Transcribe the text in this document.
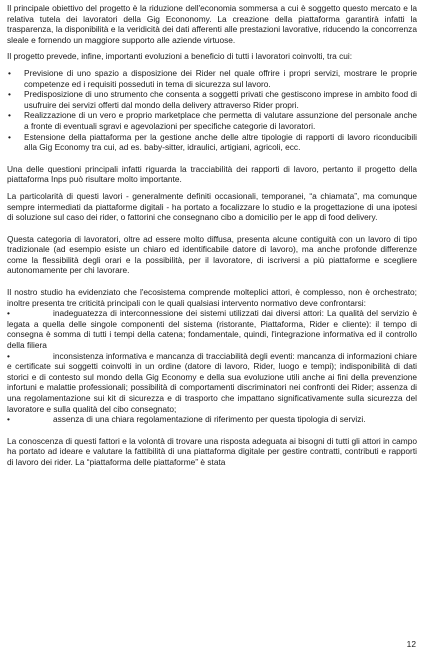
Il principale obiettivo del progetto è la riduzione dell'economia sommersa a cui è soggetto questo mercato e la relativa tutela dei lavoratori della Gig Econonomy. La creazione della piattaforma garantirà infatti la trasparenza, la disponibilità e la veridicità dei dati afferenti alle prestazioni lavorative, riducendo la concorrenza sleale e fornendo un maggiore supporto alle aziende virtuose.

Il progetto prevede, infine, importanti evoluzioni a beneficio di tutti i lavoratori coinvolti, tra cui:

• Previsione di uno spazio a disposizione dei Rider nel quale offrire i propri servizi, mostrare le proprie competenze ed i requisiti posseduti in tema di sicurezza sul lavoro.
• Predisposizione di uno strumento che consenta a soggetti privati che gestiscono imprese in ambito food di usufruire dei servizi offerti dal mondo della delivery attraverso Rider propri.
• Realizzazione di un vero e proprio marketplace che permetta di valutare assunzione del personale anche a fronte di eventuali sgravi e agevolazioni per specifiche categorie di lavoratori.
• Estensione della piattaforma per la gestione anche delle altre tipologie di rapporti di lavoro riconducibili alla Gig Economy tra cui, ad es. baby-sitter, idraulici, artigiani, agricoli, ecc.

Una delle questioni principali infatti riguarda la tracciabilità dei rapporti di lavoro, pertanto il progetto della piattaforma Inps può risultare molto importante.

La particolarità di questi lavori - generalmente definiti occasionali, temporanei, “a chiamata”, ma comunque sempre intermediati da piattaforme digitali - ha portato a focalizzare lo studio e la progettazione di una ipotesi di soluzione sul caso dei rider, o fattorini che consegnano cibo a domicilio per le app di food delivery.

Questa categoria di lavoratori, oltre ad essere molto diffusa, presenta alcune contiguità con un lavoro di tipo tradizionale (ad esempio esiste un chiaro ed identificabile datore di lavoro), ma anche profonde differenze come la flessibilità degli orari e la possibilità, per il lavoratore, di iscriversi a più piattaforme e scegliere autonomamente per chi lavorare.

Il nostro studio ha evidenziato che l'ecosistema comprende molteplici attori, è complesso, non è orchestrato; inoltre presenta tre criticità principali con le quali qualsiasi intervento normativo deve confrontarsi:

•	inadeguatezza di interconnessione dei sistemi utilizzati dai diversi attori: La qualità del servizio è legata a quella delle singole componenti del sistema (ristorante, Piattaforma, Rider e cliente): il tempo di consegna è somma di tutti i tempi della catena; fondamentale, quindi, l'integrazione informativa ed il controllo della filiera

•	inconsistenza informativa e mancanza di tracciabilità degli eventi: mancanza di informazioni chiare e certificate sui soggetti coinvolti in un ordine (datore di lavoro, Rider, luogo e tempi); indisponibilità di dati storici e di contesto sul mondo della Gig Economy e della sua evoluzione utili anche ai fini della prevenzione infortuni e malattie professionali; possibilità di comportamenti discriminatori nei confronti dei Rider; assenza di una regolamentazione sui kit di sicurezza e di trasporto che impattano significativamente sulla sicurezza del lavoratore e sulla qualità del cibo consegnato;

•	assenza di una chiara regolamentazione di riferimento per questa tipologia di servizi.

La conoscenza di questi fattori e la volontà di trovare una risposta adeguata ai bisogni di tutti gli attori in campo ha portato ad ideare e valutare la fattibilità di una piattaforma digitale per gestire contratti, contributi e rapporti di lavoro dei rider. La “piattaforma delle piattaforme” è stata

12
